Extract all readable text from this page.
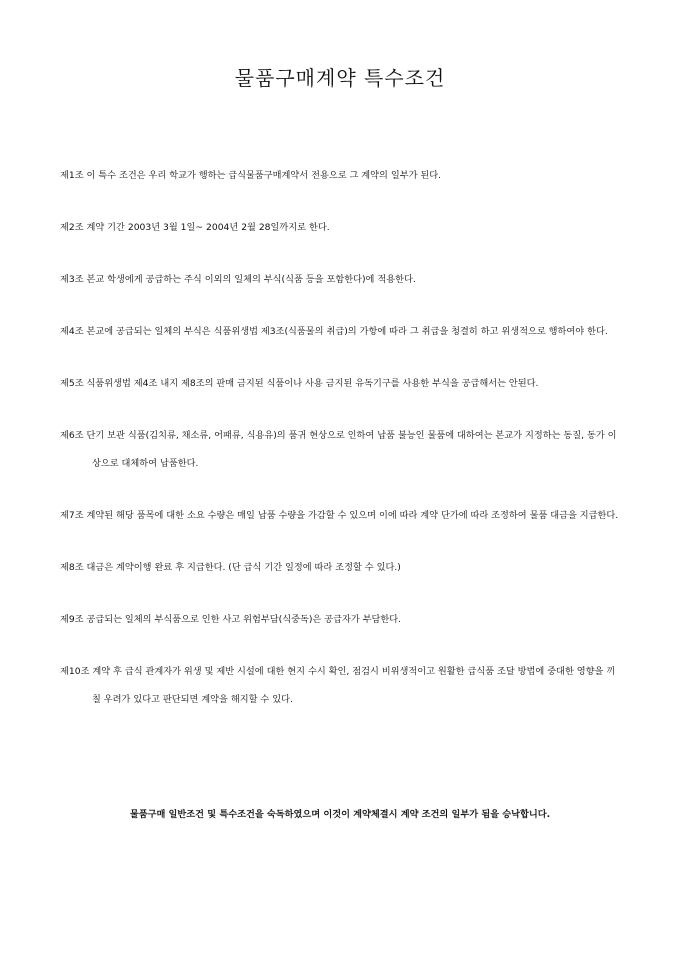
물품구매계약 특수조건

제1조 이 특수 조건은 우리 학교가 행하는 급식물품구매계약서 전용으로 그 계약의 일부가 된다.

제2조 계약 기간 2003년 3월 1일~ 2004년 2월 28일까지로 한다.

제3조 본교 학생에게 공급하는 주식 이외의 일체의 부식(식품 등을 포함한다)에 적용한다.

제4조 본교에 공급되는 일체의 부식은 식품위생법 제3조(식품물의 취급)의 가항에 따라 그 취급을 청결히 하고 위생적으로 행하여야 한다.

제5조 식품위생법 제4조 내지 제8조의 판매 금지된 식품이나 사용 금지된 유독기구를 사용한 부식을 공급해서는 안된다.

제6조 단기 보관 식품(김치류, 채소류, 어패류, 식용유)의 품귀 현상으로 인하여 납품 불능인 물품에 대하여는 본교가 지정하는 동질, 동가 이상으로 대체하여 납품한다.

제7조 계약된 해당 품목에 대한 소요 수량은 매일 납품 수량을 가감할 수 있으며 이에 따라 계약 단가에 따라 조정하여 물품 대금을 지급한다.

제8조 대금은 계약이행 완료 후 지급한다. (단 급식 기간 일정에 따라 조정할 수 있다.)

제9조 공급되는 일체의 부식품으로 인한 사고 위험부담(식중독)은 공급자가 부담한다.

제10조 계약 후 급식 관계자가 위생 및 제반 시설에 대한 현지 수시 확인, 점검시 비위생적이고 원활한 급식품 조달 방법에 중대한 영향을 끼칠 우려가 있다고 판단되면 계약을 해지할 수 있다.

물품구매 일반조건 및 특수조건을 숙독하였으며 이것이 계약체결시 계약 조건의 일부가 됨을 승낙합니다.
